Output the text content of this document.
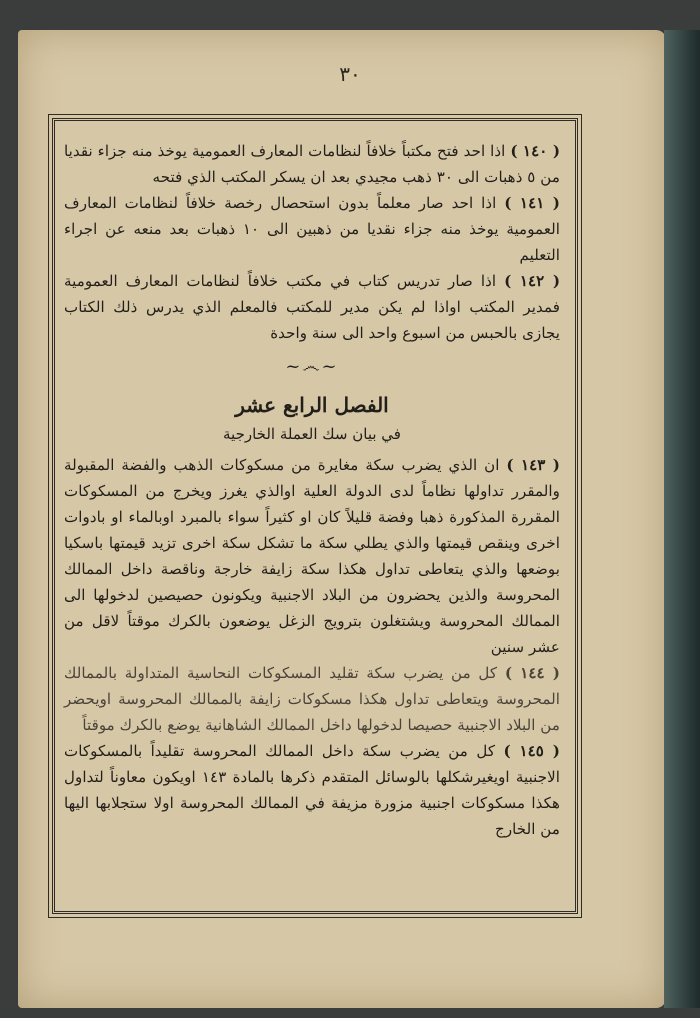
٣٠

( ١٤٠ ) اذا احد فتح مكتباً خلافاً لنظامات المعارف العمومية يوخذ منه جزاء نقديا من ٥ ذهبات الى ٣٠ ذهب مجيدي بعد ان يسكر المكتب الذي فتحه

( ١٤١ ) اذا احد صار معلماً بدون استحصال رخصة خلافاً لنظامات المعارف العمومية يوخذ منه جزاء نقديا من ذهبين الى ١٠ ذهبات بعد منعه عن اجراء التعليم

( ١٤٢ ) اذا صار تدريس كتاب في مكتب خلافاً لنظامات المعارف العمومية فمدير المكتب اواذا لم يكن مدير للمكتب فالمعلم الذي يدرس ذلك الكتاب يجازى بالحبس من اسبوع واحد الى سنة واحدة

~෴~
الفصل الرابع عشر
في بيان سك العملة الخارجية

( ١٤٣ ) ان الذي يضرب سكة مغايرة من مسكوكات الذهب والفضة المقبولة والمقرر تداولها نظاماً لدى الدولة العلية اوالذي يغرز ويخرج من المسكوكات المقررة المذكورة ذهبا وفضة قليلاً كان او كثيراً سواء بالمبرد اوبالماء او بادوات اخرى وينقص قيمتها والذي يطلي سكة ما تشكل سكة اخرى تزيد قيمتها باسكيا بوضعها والذي يتعاطى تداول هكذا سكة زايفة خارجة وناقصة داخل الممالك المحروسة والذين يحضرون من البلاد الاجنبية ويكونون حصيصين لدخولها الى الممالك المحروسة ويشتغلون بترويج الزغل يوضعون بالكرك موقتاً لاقل من عشر سنين

( ١٤٤ ) كل من يضرب سكة تقليد المسكوكات النحاسية المتداولة بالممالك المحروسة ويتعاطى تداول هكذا مسكوكات زايفة بالممالك المحروسة اويحضر من البلاد الاجنبية حصيصا لدخولها داخل الممالك الشاهانية يوضع بالكرك موقتاً

( ١٤٥ ) كل من يضرب سكة داخل الممالك المحروسة تقليداً بالمسكوكات الاجنبية اويغيرشكلها بالوسائل المتقدم ذكرها بالمادة ١٤٣ اويكون معاوناً لتداول هكذا مسكوكات اجنبية مزورة مزيفة في الممالك المحروسة اولا ستجلابها اليها من الخارج
